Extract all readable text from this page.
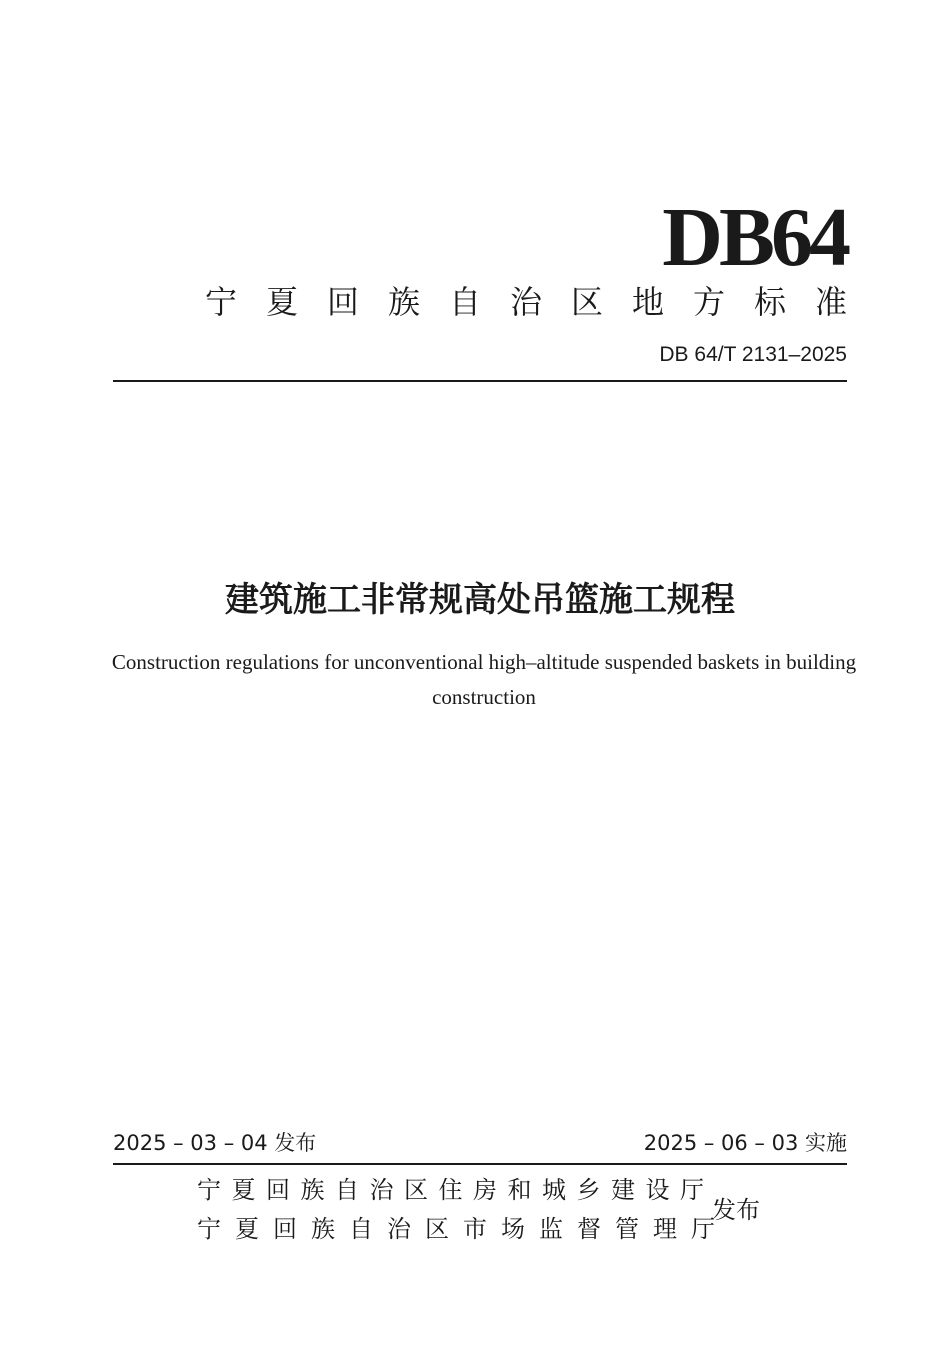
DB64
宁夏回族自治区地方标准
DB 64/T 2131–2025
建筑施工非常规高处吊篮施工规程
Construction regulations for unconventional high–altitude suspended baskets in building construction
2025 – 03 – 04 发布	2025 – 06 – 03 实施
宁夏回族自治区住房和城乡建设厅
宁夏回族自治区市场监督管理厅
发布
